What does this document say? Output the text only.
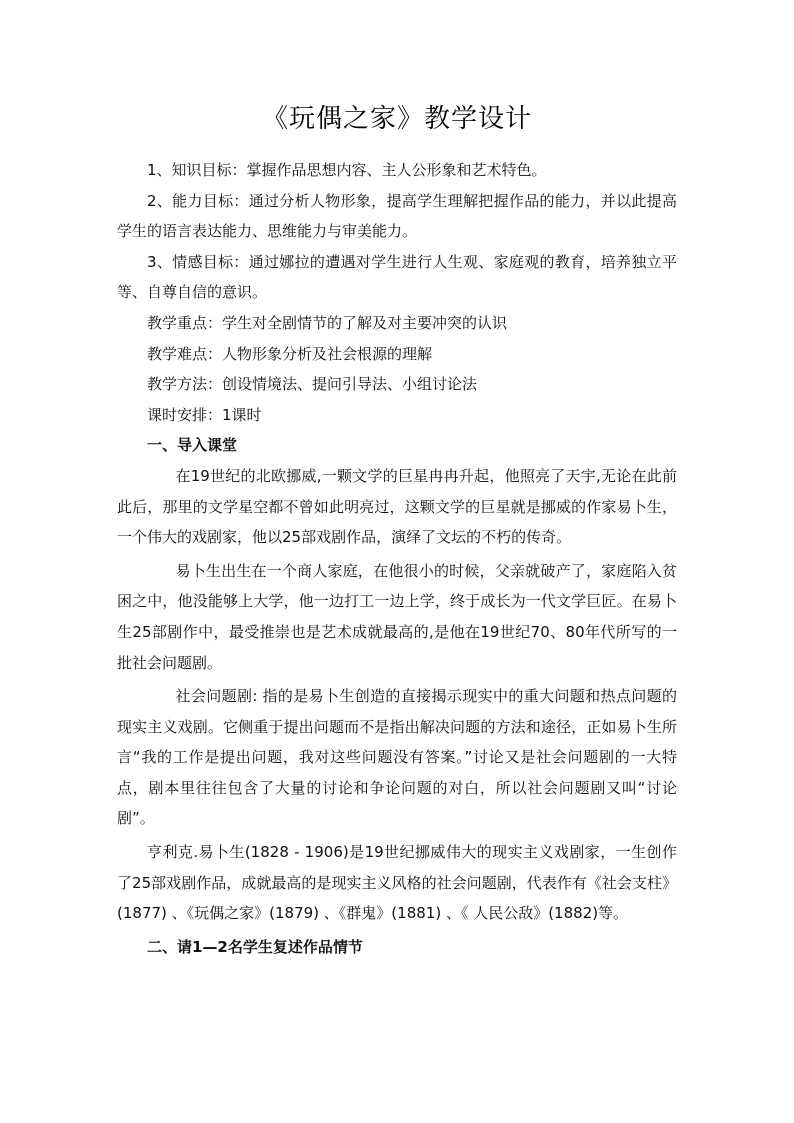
《玩偶之家》教学设计

1、知识目标：掌握作品思想内容、主人公形象和艺术特色。

2、能力目标：通过分析人物形象，提高学生理解把握作品的能力，并以此提高学生的语言表达能力、思维能力与审美能力。

3、情感目标：通过娜拉的遭遇对学生进行人生观、家庭观的教育，培养独立平等、自尊自信的意识。

教学重点：学生对全剧情节的了解及对主要冲突的认识

教学难点：人物形象分析及社会根源的理解

教学方法：创设情境法、提问引导法、小组讨论法

课时安排：1课时

一、导入课堂

在19世纪的北欧挪威,一颗文学的巨星冉冉升起，他照亮了天宇,无论在此前此后，那里的文学星空都不曾如此明亮过，这颗文学的巨星就是挪威的作家易卜生，一个伟大的戏剧家，他以25部戏剧作品，演绎了文坛的不朽的传奇。

易卜生出生在一个商人家庭，在他很小的时候，父亲就破产了，家庭陷入贫困之中，他没能够上大学，他一边打工一边上学，终于成长为一代文学巨匠。在易卜生25部剧作中，最受推崇也是艺术成就最高的,是他在19世纪70、80年代所写的一批社会问题剧。

社会问题剧: 指的是易卜生创造的直接揭示现实中的重大问题和热点问题的现实主义戏剧。它侧重于提出问题而不是指出解决问题的方法和途径，正如易卜生所言“我的工作是提出问题，我对这些问题没有答案。”讨论又是社会问题剧的一大特点，剧本里往往包含了大量的讨论和争论问题的对白，所以社会问题剧又叫“讨论剧”。

亨利克.易卜生(1828 - 1906)是19世纪挪威伟大的现实主义戏剧家，一生创作了25部戏剧作品，成就最高的是现实主义风格的社会问题剧，代表作有《社会支柱》(1877) 、《玩偶之家》(1879) 、《群鬼》(1881) 、《 人民公敌》(1882)等。

二、请1—2名学生复述作品情节
